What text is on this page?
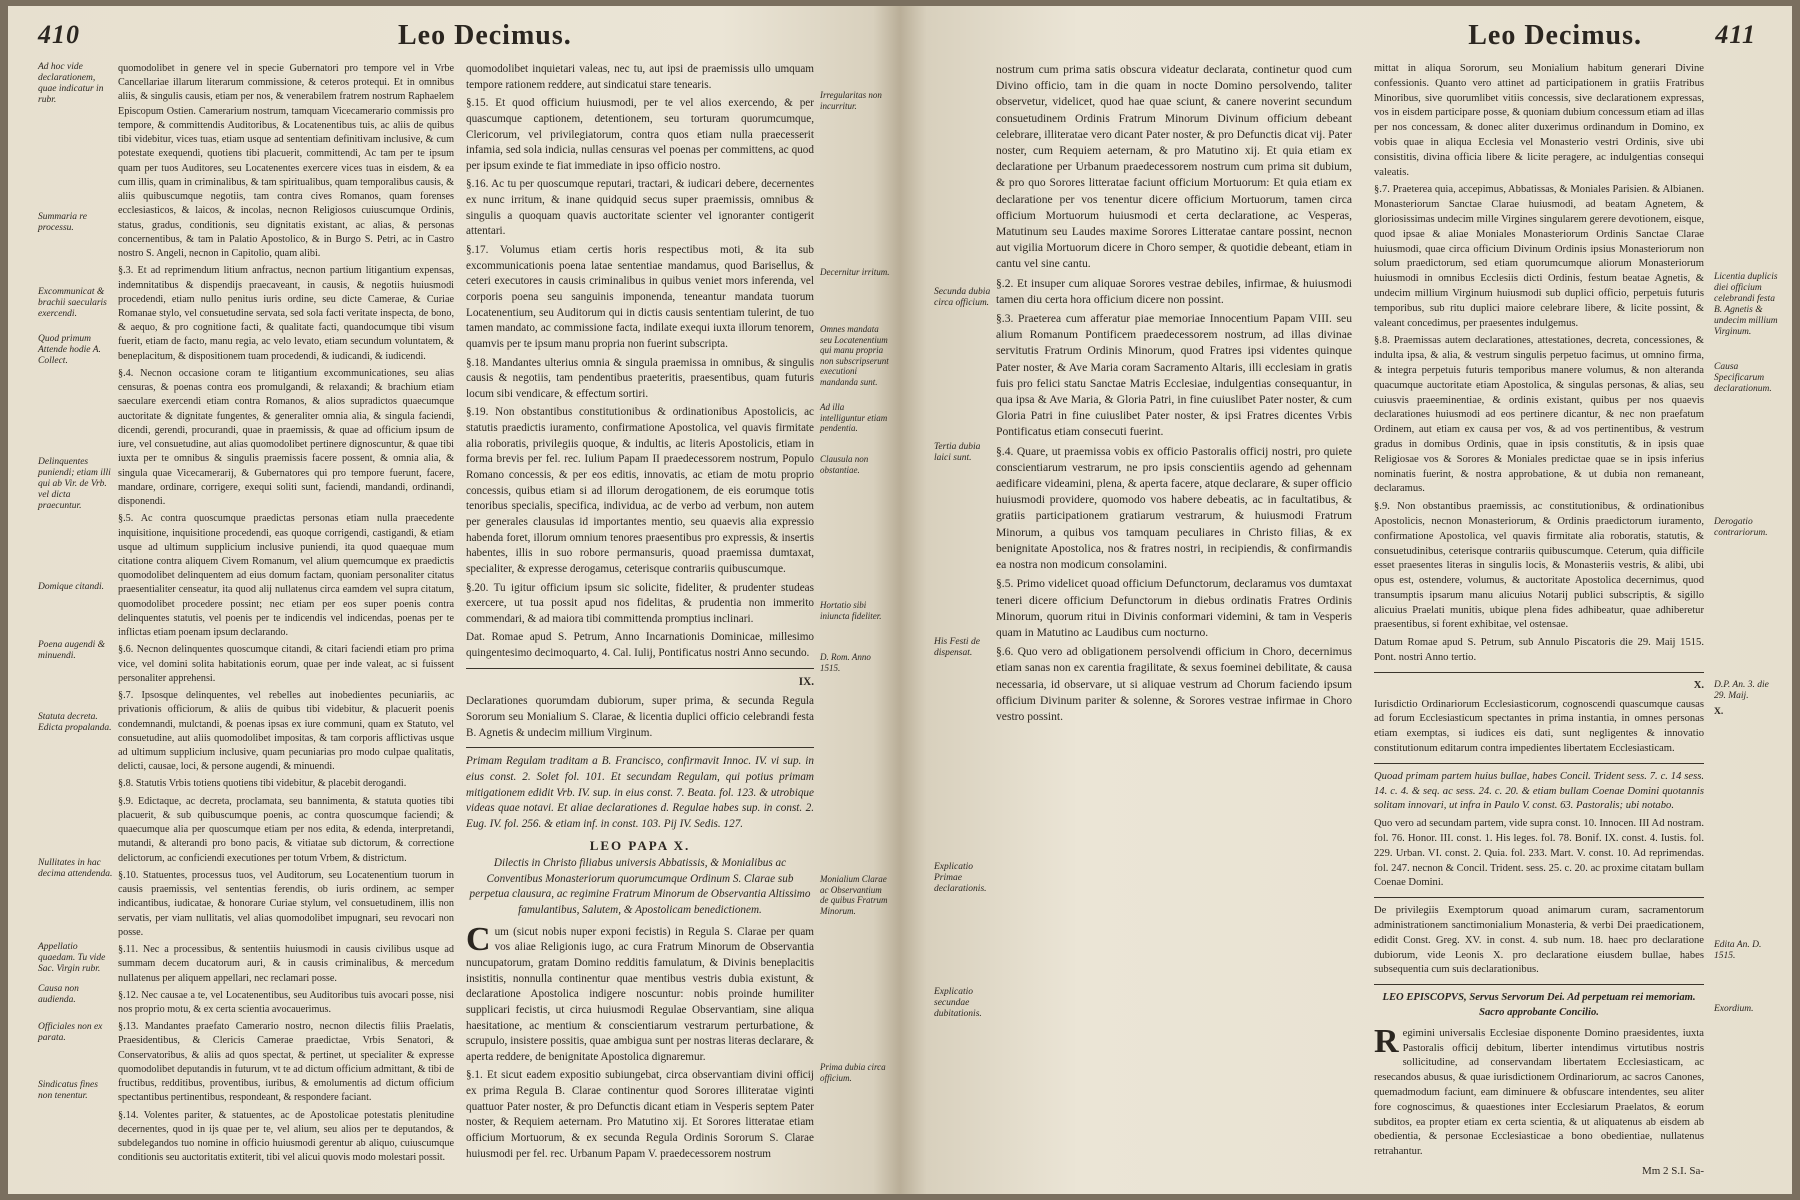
410	Leo Decimus.
Ad hoc vide declarationem, quae indicatur in rubr.
Summaria re processu.
Excommunicat & brachii saecularis exercendi.
Quod primum Attende hodie A. Collect.
Delinquentes puniendi; etiam illi qui ab Vir. de Vrb. vel dicta praecuntur.
Domique citandi.
Poena augendi & minuendi.
Statuta decreta. Edicta propalanda.
Nullitates in hac decima attendenda.
Appellatio quaedam. Tu vide Sac. Virgin rubr.
Causa non audienda.
Officiales non ex parata.
Sindicatus fines non tenentur.

quomodolibet in genere vel in specie Gubernatori pro tempore vel in Vrbe Cancellariae illarum literarum commissione, & ceteros protequi. Et in omnibus aliis, & singulis causis, etiam per nos, & venerabilem fratrem nostrum Raphaelem Episcopum Ostien. Camerarium nostrum, tamquam Vicecamerario commissis pro tempore, & committendis Auditoribus, & Locatenentibus tuis, ac aliis de quibus tibi videbitur, vices tuas, etiam usque ad sententiam definitivam inclusive, & cum potestate exequendi, quotiens tibi placuerit, committendi, Ac tam per te ipsum quam per tuos Auditores, seu Locatenentes exercere vices tuas in eisdem, & ea cum illis, quam in criminalibus, & tam spiritualibus, quam temporalibus causis, & aliis quibuscumque negotiis, tam contra cives Romanos, quam forenses ecclesiasticos, & laicos, & incolas, necnon Religiosos cuiuscumque Ordinis, status, gradus, conditionis, seu dignitatis existant, ac alias, & personas concernentibus, & tam in Palatio Apostolico, & in Burgo S. Petri, ac in Castro nostro S. Angeli, necnon in Capitolio, quam alibi.

§.3. Et ad reprimendum litium anfractus, necnon partium litigantium expensas, indemnitatibus & dispendijs praecaveant, in causis, & negotiis huiusmodi procedendi, etiam nullo penitus iuris ordine, seu dicte Camerae, & Curiae Romanae stylo, vel consuetudine servata, sed sola facti veritate inspecta, de bono, & aequo, & pro cognitione facti, & qualitate facti, quandocumque tibi visum fuerit, etiam de facto, manu regia, ac velo levato, etiam secundum voluntatem, & beneplacitum, & dispositionem tuam procedendi, & iudicandi, & iudicendi.

§.4. Necnon occasione coram te litigantium excommunicationes, seu alias censuras, & poenas contra eos promulgandi, & relaxandi; & brachium etiam saeculare exercendi etiam contra Romanos, & alios supradictos quaecumque auctoritate & dignitate fungentes, & generaliter omnia alia, & singula faciendi, dicendi, gerendi, procurandi, quae in praemissis, & quae ad officium ipsum de iure, vel consuetudine, aut alias quomodolibet pertinere dignoscuntur, & quae tibi iuxta per te omnibus & singulis praemissis facere possent, & omnia alia, & singula quae Vicecamerarij, & Gubernatores qui pro tempore fuerunt, facere, mandare, ordinare, corrigere, exequi soliti sunt, faciendi, mandandi, ordinandi, disponendi.

§.5. Ac contra quoscumque praedictas personas etiam nulla praecedente inquisitione, inquisitione procedendi, eas quoque corrigendi, castigandi, & etiam usque ad ultimum supplicium inclusive puniendi, ita quod quaequae mum citatione contra aliquem Civem Romanum, vel alium quemcumque ex praedictis quomodolibet delinquentem ad eius domum factam, quoniam personaliter citatus praesentialiter censeatur, ita quod alij nullatenus circa eamdem vel supra citatum, quomodolibet procedere possint; nec etiam per eos super poenis contra delinquentes statutis, vel poenis per te indicendis vel indicendas, poenas per te inflictas etiam poenam ipsum declarando.

§.6. Necnon delinquentes quoscumque citandi, & citari faciendi etiam pro prima vice, vel domini solita habitationis eorum, quae per inde valeat, ac si fuissent personaliter apprehensi.

§.7. Ipsosque delinquentes, vel rebelles aut inobedientes pecuniariis, ac privationis officiorum, & aliis de quibus tibi videbitur, & placuerit poenis condemnandi, mulctandi, & poenas ipsas ex iure communi, quam ex Statuto, vel consuetudine, aut aliis quomodolibet impositas, & tam corporis afflictivas usque ad ultimum supplicium inclusive, quam pecuniarias pro modo culpae qualitatis, delicti, causae, loci, & persone augendi, & minuendi.

§.8. Statutis Vrbis totiens quotiens tibi videbitur, & placebit derogandi.

§.9. Edictaque, ac decreta, proclamata, seu bannimenta, & statuta quoties tibi placuerit, & sub quibuscumque poenis, ac contra quoscumque faciendi; & quaecumque alia per quoscumque etiam per nos edita, & edenda, interpretandi, mutandi, & alterandi pro bono pacis, & vitiatae sub dictorum, & correctione delictorum, ac conficiendi executiones per totum Vrbem, & districtum.

§.10. Statuentes, processus tuos, vel Auditorum, seu Locatenentium tuorum in causis praemissis, vel sententias ferendis, ob iuris ordinem, ac semper indicantibus, iudicatae, & honorare Curiae stylum, vel consuetudinem, illis non servatis, per viam nullitatis, vel alias quomodolibet impugnari, seu revocari non posse.

§.11. Nec a processibus, & sententiis huiusmodi in causis civilibus usque ad summam decem ducatorum auri, & in causis criminalibus, & mercedum nullatenus per aliquem appellari, nec reclamari posse.

§.12. Nec causae a te, vel Locatenentibus, seu Auditoribus tuis avocari posse, nisi nos proprio motu, & ex certa scientia avocauerimus.

§.13. Mandantes praefato Camerario nostro, necnon dilectis filiis Praelatis, Praesidentibus, & Clericis Camerae praedictae, Vrbis Senatori, & Conservatoribus, & aliis ad quos spectat, & pertinet, ut specialiter & expresse quomodolibet deputandis in futurum, vt te ad dictum officium admittant, & tibi de fructibus, redditibus, proventibus, iuribus, & emolumentis ad dictum officium spectantibus pertinentibus, respondeant, & respondere faciant.

§.14. Volentes pariter, & statuentes, ac de Apostolicae potestatis plenitudine decernentes, quod in ijs quae per te, vel alium, seu alios per te deputandos, & subdelegandos tuo nomine in officio huiusmodi gerentur ab aliquo, cuiuscumque conditionis seu auctoritatis extiterit, tibi vel alicui quovis modo molestari possit.

quomodolibet inquietari valeas, nec tu, aut ipsi de praemissis ullo umquam tempore rationem reddere, aut sindicatui stare tenearis.

§.15. Et quod officium huiusmodi, per te vel alios exercendo, & per quascumque captionem, detentionem, seu torturam quorumcumque, Clericorum, vel privilegiatorum, contra quos etiam nulla praecesserit infamia, sed sola indicia, nullas censuras vel poenas per committens, ac quod per ipsum exinde te fiat immediate in ipso officio nostro.

§.16. Ac tu per quoscumque reputari, tractari, & iudicari debere, decernentes ex nunc irritum, & inane quidquid secus super praemissis, omnibus & singulis a quoquam quavis auctoritate scienter vel ignoranter contigerit attentari.

§.17. Volumus etiam certis horis respectibus moti, & ita sub excommunicationis poena latae sententiae mandamus, quod Barisellus, & ceteri executores in causis criminalibus in quibus veniet mors inferenda, vel corporis poena seu sanguinis imponenda, teneantur mandata tuorum Locatenentium, seu Auditorum qui in dictis causis sententiam tulerint, de tuo tamen mandato, ac commissione facta, indilate exequi iuxta illorum tenorem, quamvis per te ipsum manu propria non fuerint subscripta.

§.18. Mandantes ulterius omnia & singula praemissa in omnibus, & singulis causis & negotiis, tam pendentibus praeteritis, praesentibus, quam futuris locum sibi vendicare, & effectum sortiri.

§.19. Non obstantibus constitutionibus & ordinationibus Apostolicis, ac statutis praedictis iuramento, confirmatione Apostolica, vel quavis firmitate alia roboratis, privilegiis quoque, & indultis, ac literis Apostolicis, etiam in forma brevis per fel. rec. Iulium Papam II praedecessorem nostrum, Populo Romano concessis, & per eos editis, innovatis, ac etiam de motu proprio concessis, quibus etiam si ad illorum derogationem, de eis eorumque totis tenoribus specialis, specifica, individua, ac de verbo ad verbum, non autem per generales clausulas id importantes mentio, seu quaevis alia expressio habenda foret, illorum omnium tenores praesentibus pro expressis, & insertis habentes, illis in suo robore permansuris, quoad praemissa dumtaxat, specialiter, & expresse derogamus, ceterisque contrariis quibuscumque.

§.20. Tu igitur officium ipsum sic solicite, fideliter, & prudenter studeas exercere, ut tua possit apud nos fidelitas, & prudentia non immerito commendari, & ad maiora tibi committenda promptius inclinari.

Dat. Romae apud S. Petrum, Anno Incarnationis Dominicae, millesimo quingentesimo decimoquarto, 4. Cal. Iulij, Pontificatus nostri Anno secundo.

IX.

Declarationes quorumdam dubiorum, super prima, & secunda Regula Sororum seu Monialium S. Clarae, & licentia duplici officio celebrandi festa B. Agnetis & undecim millium Virginum.

Primam Regulam traditam a B. Francisco, confirmavit Innoc. IV. vi sup. in eius const. 2. Solet fol. 101. Et secundam Regulam, qui potius primam mitigationem edidit Vrb. IV. sup. in eius const. 7. Beata. fol. 123. & utrobique videas quae notavi. Et aliae declarationes d. Regulae habes sup. in const. 2. Eug. IV. fol. 256. & etiam inf. in const. 103. Pij IV. Sedis. 127.

LEO PAPA X.

Dilectis in Christo filiabus universis Abbatissis, & Monialibus ac Conventibus Monasteriorum quorumcumque Ordinum S. Clarae sub perpetua clausura, ac regimine Fratrum Minorum de Observantia Altissimo famulantibus, Salutem, & Apostolicam benedictionem.

Cum (sicut nobis nuper exponi fecistis) in Regula S. Clarae per quam vos aliae Religionis iugo, ac cura Fratrum Minorum de Observantia nuncupatorum, gratam Domino redditis famulatum, & Divinis beneplacitis insistitis, nonnulla continentur quae mentibus vestris dubia existunt, & declaratione Apostolica indigere noscuntur: nobis proinde humiliter supplicari fecistis, ut circa huiusmodi Regulae Observantiam, sine aliqua haesitatione, ac mentium & conscientiarum vestrarum perturbatione, & scrupulo, insistere possitis, quae ambigua sunt per nostras literas declarare, & aperta reddere, de benignitate Apostolica dignaremur.

§.1. Et sicut eadem expositio subiungebat, circa observantiam divini officij ex prima Regula B. Clarae continentur quod Sorores illiteratae viginti quattuor Pater noster, & pro Defunctis dicant etiam in Vesperis septem Pater noster, & Requiem aeternam. Pro Matutino xij. Et Sorores litteratae etiam officium Mortuorum, & ex secunda Regula Ordinis Sororum S. Clarae huiusmodi per fel. rec. Urbanum Papam V. praedecessorem nostrum

Irregularitas non incurritur.
Decernitur irritum.
Omnes mandata seu Locatenentium qui manu propria non subscripserunt executioni mandanda sunt.
Ad illa intelliguntur etiam pendentia.
Clausula non obstantiae.
Hortatio sibi iniuncta fideliter.
D. Rom. Anno 1515.
Monialium Clarae ac Observantium de quibus Fratrum Minorum.
Prima dubia circa officium.
Leo Decimus.	411
Secunda dubia circa officium.
Tertia dubia laici sunt.
His Festi de dispensat.
Explicatio Primae declarationis.
Explicatio secundae dubitationis.

nostrum cum prima satis obscura videatur declarata, continetur quod cum Divino officio, tam in die quam in nocte Domino persolvendo, taliter observetur, videlicet, quod hae quae sciunt, & canere noverint secundum consuetudinem Ordinis Fratrum Minorum Divinum officium debeant celebrare, illiteratae vero dicant Pater noster, & pro Defunctis dicat vij. Pater noster, cum Requiem aeternam, & pro Matutino xij. Et quia etiam ex declaratione per Urbanum praedecessorem nostrum cum prima sit dubium, & pro quo Sorores litteratae faciunt officium Mortuorum: Et quia etiam ex declaratione per vos tenentur dicere officium Mortuorum, tamen circa officium Mortuorum huiusmodi et certa declaratione, ac Vesperas, Matutinum seu Laudes maxime Sorores Litteratae cantare possint, necnon aut vigilia Mortuorum dicere in Choro semper, & quotidie debeant, etiam in cantu vel sine cantu.

§.2. Et insuper cum aliquae Sorores vestrae debiles, infirmae, & huiusmodi tamen diu certa hora officium dicere non possint.

§.3. Praeterea cum afferatur piae memoriae Innocentium Papam VIII. seu alium Romanum Pontificem praedecessorem nostrum, ad illas divinae servitutis Fratrum Ordinis Minorum, quod Fratres ipsi videntes quinque Pater noster, & Ave Maria coram Sacramento Altaris, illi ecclesiam in gratis fuis pro felici statu Sanctae Matris Ecclesiae, indulgentias consequantur, in qua ipsa & Ave Maria, & Gloria Patri, in fine cuiuslibet Pater noster, & cum Gloria Patri in fine cuiuslibet Pater noster, & ipsi Fratres dicentes Vrbis Pontificatus etiam consecuti fuerint.

§.4. Quare, ut praemissa vobis ex officio Pastoralis officij nostri, pro quiete conscientiarum vestrarum, ne pro ipsis conscientiis agendo ad gehennam aedificare videamini, plena, & aperta facere, atque declarare, & super officio huiusmodi providere, quomodo vos habere debeatis, ac in facultatibus, & gratiis participationem gratiarum vestrarum, & huiusmodi Fratrum Minorum, a quibus vos tamquam peculiares in Christo filias, & ex benignitate Apostolica, nos & fratres nostri, in recipiendis, & confirmandis ea nostra non modicum consolamini.

§.5. Primo videlicet quoad officium Defunctorum, declaramus vos dumtaxat teneri dicere officium Defunctorum in diebus ordinatis Fratres Ordinis Minorum, quorum ritui in Divinis conformari videmini, & tam in Vesperis quam in Matutino ac Laudibus cum nocturno.

§.6. Quo vero ad obligationem persolvendi officium in Choro, decernimus etiam sanas non ex carentia fragilitate, & sexus foeminei debilitate, & causa necessaria, id observare, ut si aliquae vestrum ad Chorum faciendo ipsum officium Divinum pariter & solenne, & Sorores vestrae infirmae in Choro vestro possint.

mittat in aliqua Sororum, seu Monialium habitum generari Divine confessionis. Quanto vero attinet ad participationem in gratiis Fratribus Minoribus, sive quorumlibet vitiis concessis, sive declarationem expressas, vos in eisdem participare posse, & quoniam dubium concessum etiam ad illas per nos concessam, & donec aliter duxerimus ordinandum in Domino, ex vobis quae in aliqua Ecclesia vel Monasterio vestri Ordinis, sive ubi consistitis, divina officia libere & licite peragere, ac indulgentias consequi valeatis.

§.7. Praeterea quia, accepimus, Abbatissas, & Moniales Parisien. & Albianen. Monasteriorum Sanctae Clarae huiusmodi, ad beatam Agnetem, & gloriosissimas undecim mille Virgines singularem gerere devotionem, eisque, quod ipsae & aliae Moniales Monasteriorum Ordinis Sanctae Clarae huiusmodi, quae circa officium Divinum Ordinis ipsius Monasteriorum non solum praedictorum, sed etiam quorumcumque aliorum Monasteriorum huiusmodi in omnibus Ecclesiis dicti Ordinis, festum beatae Agnetis, & undecim millium Virginum huiusmodi sub duplici officio, perpetuis futuris temporibus, sub ritu duplici maiore celebrare libere, & licite possint, & valeant concedimus, per praesentes indulgemus.

§.8. Praemissas autem declarationes, attestationes, decreta, concessiones, & indulta ipsa, & alia, & vestrum singulis perpetuo facimus, ut omnino firma, & integra perpetuis futuris temporibus manere volumus, & non alteranda quacumque auctoritate etiam Apostolica, & singulas personas, & alias, seu cuiusvis praeeminentiae, & ordinis existant, quibus per nos quaevis declarationes huiusmodi ad eos pertinere dicantur, & nec non praefatum Ordinem, aut etiam ex causa per vos, & ad vos pertinentibus, & vestrum gradus in domibus Ordinis, quae in ipsis constitutis, & in ipsis quae Religiosae vos & Sorores & Moniales predictae quae se in ipsis inferius nominatis fuerint, & nostra approbatione, & ut dubia non remaneant, declaramus.

§.9. Non obstantibus praemissis, ac constitutionibus, & ordinationibus Apostolicis, necnon Monasteriorum, & Ordinis praedictorum iuramento, confirmatione Apostolica, vel quavis firmitate alia roboratis, statutis, & consuetudinibus, ceterisque contrariis quibuscumque. Ceterum, quia difficile esset praesentes literas in singulis locis, & Monasteriis vestris, & alibi, ubi opus est, ostendere, volumus, & auctoritate Apostolica decernimus, quod transumptis ipsarum manu alicuius Notarij publici subscriptis, & sigillo alicuius Praelati munitis, ubique plena fides adhibeatur, quae adhiberetur praesentibus, si forent exhibitae, vel ostensae.

Datum Romae apud S. Petrum, sub Annulo Piscatoris die 29. Maij 1515. Pont. nostri Anno tertio.

X.

Iurisdictio Ordinariorum Ecclesiasticorum, cognoscendi quascumque causas ad forum Ecclesiasticum spectantes in prima instantia, in omnes personas etiam exemptas, si iudices eis dati, sunt negligentes & innovatio constitutionum editarum contra impedientes libertatem Ecclesiasticam.

Quoad primam partem huius bullae, habes Concil. Trident sess. 7. c. 14 sess. 14. c. 4. & seq. ac sess. 24. c. 20. & etiam bullam Coenae Domini quotannis solitam innovari, ut infra in Paulo V. const. 63. Pastoralis; ubi notabo.

Quo vero ad secundam partem, vide supra const. 10. Innocen. III Ad nostram. fol. 76. Honor. III. const. 1. His leges. fol. 78. Bonif. IX. const. 4. Iustis. fol. 229. Urban. VI. const. 2. Quia. fol. 233. Mart. V. const. 10. Ad reprimendas. fol. 247. necnon & Concil. Trident. sess. 25. c. 20. ac proxime citatam bullam Coenae Domini.

De privilegiis Exemptorum quoad animarum curam, sacramentorum administrationem sanctimonialium Monasteria, & verbi Dei praedicationem, edidit Const. Greg. XV. in const. 4. sub num. 18. haec pro declaratione dubiorum, vide Leonis X. pro declaratione eiusdem bullae, habes subsequentia cum suis declarationibus.

LEO EPISCOPVS, Servus Servorum Dei. Ad perpetuam rei memoriam. Sacro approbante Concilio.

Regimini universalis Ecclesiae disponente Domino praesidentes, iuxta Pastoralis officij debitum, liberter intendimus virtutibus nostris sollicitudine, ad conservandam libertatem Ecclesiasticam, ac resecandos abusus, & quae iurisdictionem Ordinariorum, ac sacros Canones, quemadmodum faciunt, eam diminuere & obfuscare intendentes, seu aliter fore cognoscimus, & quaestiones inter Ecclesiarum Praelatos, & eorum subditos, ea propter etiam ex certa scientia, & ut aliquatenus ab eisdem ab obedientia, & personae Ecclesiasticae a bono obedientiae, nullatenus retrahantur.

Mm 2 S.I. Sa-
Licentia duplicis diei officium celebrandi festa B. Agnetis & undecim millium Virginum.
Causa Specificarum declarationum.
Derogatio contrariorum.
D.P. An. 3. die 29. Maij.
X.
Edita An. D. 1515.
Exordium.
